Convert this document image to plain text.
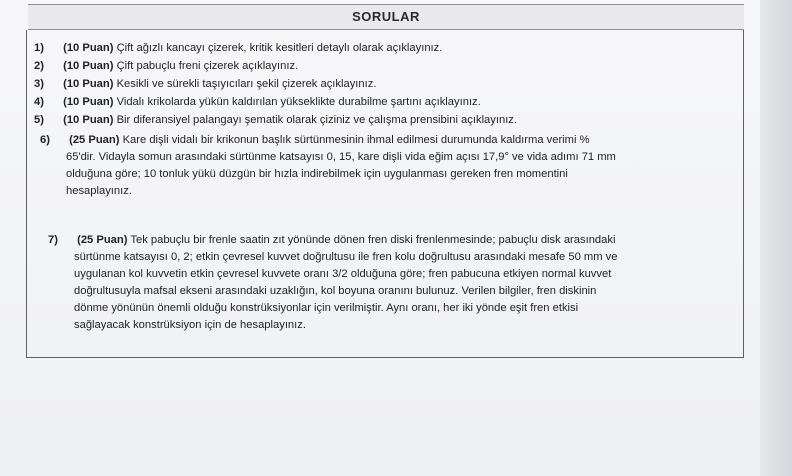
SORULAR
1) (10 Puan) Çift ağızlı kancayı çizerek, kritik kesitleri detaylı olarak açıklayınız.
2) (10 Puan) Çift pabuçlu freni çizerek açıklayınız.
3) (10 Puan) Kesikli ve sürekli taşıyıcıları şekil çizerek açıklayınız.
4) (10 Puan) Vidalı krikolarda yükün kaldırılan yükseklikte durabilme şartını açıklayınız.
5) (10 Puan) Bir diferansiyel palangayı şematik olarak çiziniz ve çalışma prensibini açıklayınız.
6) (25 Puan) Kare dişli vidalı bir krikonun başlık sürtünmesinin ihmal edilmesi durumunda kaldırma verimi %
65'dir. Vidayla somun arasındaki sürtünme katsayısı 0, 15, kare dişli vida eğim açısı 17,9° ve vida adımı 71 mm
olduğuna göre; 10 tonluk yükü düzgün bir hızla indirebilmek için uygulanması gereken fren momentini
hesaplayınız.
7) (25 Puan) Tek pabuçlu bir frenle saatin zıt yönünde dönen fren diski frenlenmesinde; pabuçlu disk arasındaki
sürtünme katsayısı 0, 2; etkin çevresel kuvvet doğrultusu ile fren kolu doğrultusu arasındaki mesafe 50 mm ve
uygulanan kol kuvvetin etkin çevresel kuvvete oranı 3/2 olduğuna göre; fren pabucuna etkiyen normal kuvvet
doğrultusuyla mafsal ekseni arasındaki uzaklığın, kol boyuna oranını bulunuz. Verilen bilgiler, fren diskinin
dönme yönünün önemli olduğu konstrüksiyonlar için verilmiştir. Aynı oranı, her iki yönde eşit fren etkisi
sağlayacak konstrüksiyon için de hesaplayınız.
